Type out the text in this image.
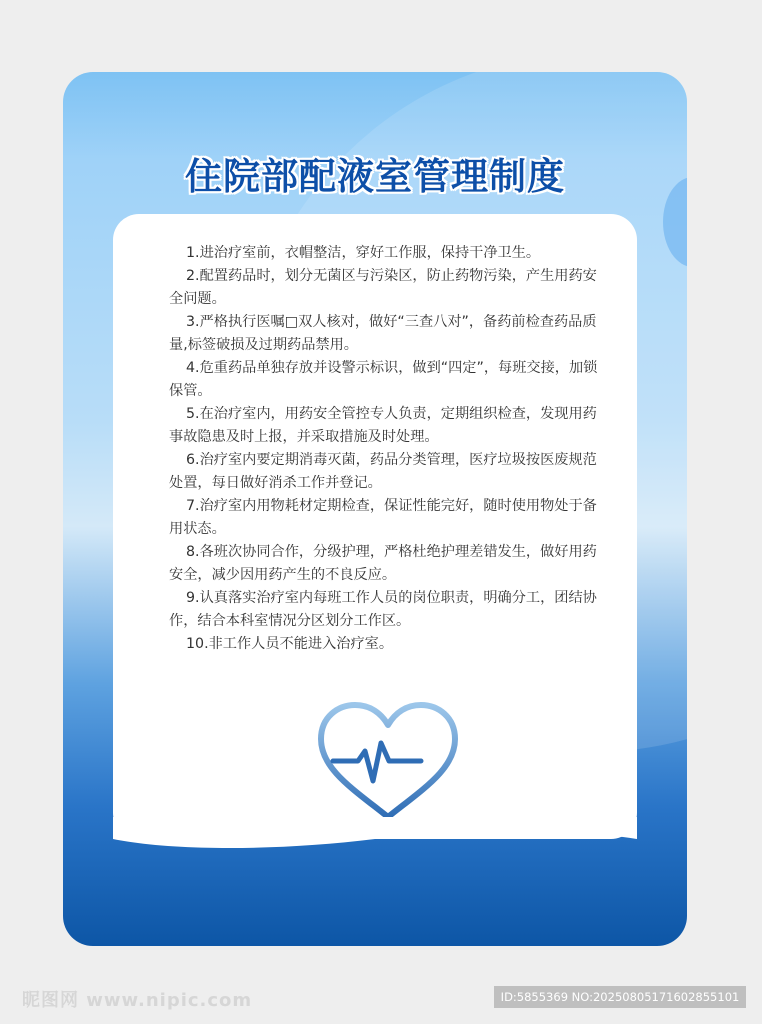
住院部配液室管理制度
1.进治疗室前，衣帽整洁，穿好工作服，保持干净卫生。
2.配置药品时，划分无菌区与污染区，防止药物污染，产生用药安全问题。
3.严格执行医嘱□双人核对，做好“三查八对”，备药前检查药品质量,标签破损及过期药品禁用。
4.危重药品单独存放并设警示标识，做到“四定”，每班交接，加锁保管。
5.在治疗室内，用药安全管控专人负责，定期组织检查，发现用药事故隐患及时上报，并采取措施及时处理。
6.治疗室内要定期消毒灭菌，药品分类管理，医疗垃圾按医废规范处置，每日做好消杀工作并登记。
7.治疗室内用物耗材定期检查，保证性能完好，随时使用物处于备用状态。
8.各班次协同合作，分级护理，严格杜绝护理差错发生，做好用药安全，减少因用药产生的不良反应。
9.认真落实治疗室内每班工作人员的岗位职责，明确分工，团结协作，结合本科室情况分区划分工作区。
10.非工作人员不能进入治疗室。
昵图网 www.nipic.com	ID:5855369 NO:20250805171602855101
